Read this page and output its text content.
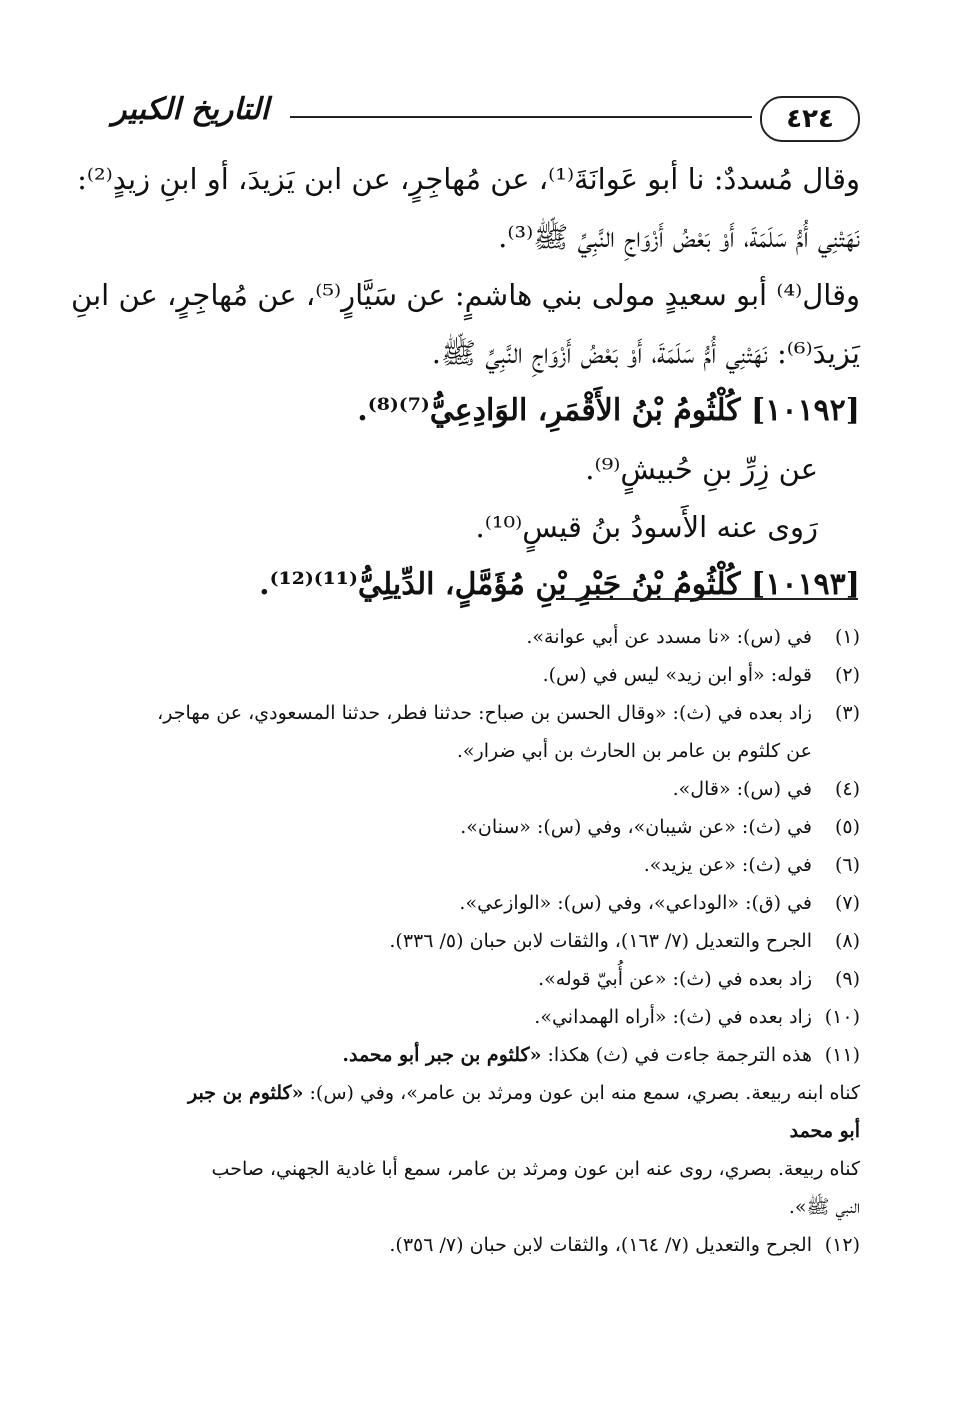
٤٢٤
التاريخ الكبير
وقال مُسددٌ: نا أبو عَوانَةَ⁽¹⁾، عن مُهاجِرٍ، عن ابن يَزيدَ، أو ابنِ زيدٍ⁽²⁾:
نَهَتْنِي أُمُّ سَلَمَةَ، أَوْ بَعْضُ أَزْوَاجِ النَّبِيِّ ﷺ⁽³⁾.
وقال⁽⁴⁾ أبو سعيدٍ مولى بني هاشمٍ: عن سَيَّارٍ⁽⁵⁾، عن مُهاجِرٍ، عن ابنِ
يَزيدَ⁽⁶⁾: نَهَتْنِي أُمُّ سَلَمَةَ، أَوْ بَعْضُ أَزْوَاجِ النَّبِيِّ ﷺ.
[١٠١٩٢] كُلْثُومُ بْنُ الأَقْمَرِ، الوَادِعِيُّ⁽⁷⁾⁽⁸⁾.
عن زِرِّ بنِ حُبيشٍ⁽⁹⁾.
رَوى عنه الأَسودُ بنُ قيسٍ⁽¹⁰⁾.
[١٠١٩٣] كُلْثُومُ بْنُ جَبْرِ بْنِ مُؤَمَّلٍ، الدِّيلِيُّ⁽¹¹⁾⁽¹²⁾.
(١)
في (س): «نا مسدد عن أبي عوانة».
(٢)
قوله: «أو ابن زيد» ليس في (س).
(٣)
زاد بعده في (ث): «وقال الحسن بن صباح: حدثنا فطر، حدثنا المسعودي، عن مهاجر،
عن كلثوم بن عامر بن الحارث بن أبي ضرار».
(٤)
في (س): «قال».
(٥)
في (ث): «عن شيبان»، وفي (س): «سنان».
(٦)
في (ث): «عن يزيد».
(٧)
في (ق): «الوداعي»، وفي (س): «الوازعي».
(٨)
الجرح والتعديل (٧/ ١٦٣)، والثقات لابن حبان (٥/ ٣٣٦).
(٩)
زاد بعده في (ث): «عن أُبيّ قوله».
(١٠)
زاد بعده في (ث): «أراه الهمداني».
(١١)
هذه الترجمة جاءت في (ث) هكذا: «كلثوم بن جبر أبو محمد.
كناه ابنه ربيعة. بصري، سمع منه ابن عون ومرثد بن عامر»، وفي (س): «كلثوم بن جبر
أبو محمد
كناه ربيعة. بصري، روى عنه ابن عون ومرثد بن عامر، سمع أبا غادية الجهني، صاحب
النبي ﷺ».
(١٢)
الجرح والتعديل (٧/ ١٦٤)، والثقات لابن حبان (٧/ ٣٥٦).
